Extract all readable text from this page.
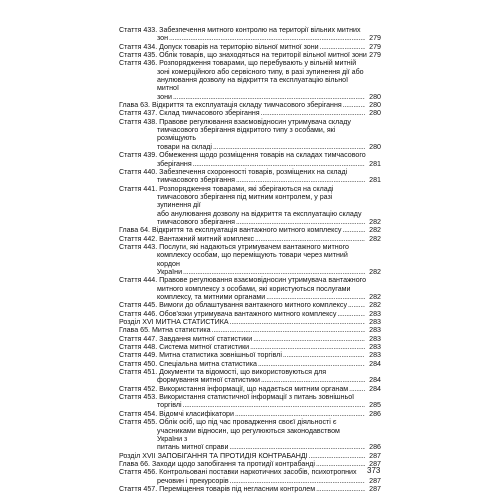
Стаття 433. Забезпечення митного контролю на території вільних митних
зон .....	279
Стаття 434. Допуск товарів на територію вільної митної зони .....	279
Стаття 435. Облік товарів, що знаходяться на території вільної митної зони 279
Стаття 436. Розпорядження товарами, що перебувають у вільній митній
зоні комерційного або сервісного типу, в разі зупинення дії або
анулювання дозволу на відкриття та експлуатацію вільної митної
зони .....	280
Глава 63. Відкриття та експлуатація складу тимчасового зберігання .....	280
Стаття 437. Склад тимчасового зберігання .....	280
Стаття 438. Правове регулювання взаємовідносин утримувача складу
тимчасового зберігання відкритого типу з особами, які розміщують
товари на складі .....	280
Стаття 439. Обмеження щодо розміщення товарів на складах тимчасового
зберігання .....	281
Стаття 440. Забезпечення схоронності товарів, розміщених на складі
тимчасового зберігання .....	281
Стаття 441. Розпорядження товарами, які зберігаються на складі
тимчасового зберігання під митним контролем, у разі зупинення дії
або анулювання дозволу на відкриття та експлуатацію складу
тимчасового зберігання .....	282
Глава 64. Відкриття та експлуатація вантажного митного комплексу .....	282
Стаття 442. Вантажний митний комплекс .....	282
Стаття 443. Послуги, які надаються утримувачем вантажного митного
комплексу особам, що переміщують товари через митний кордон
України .....	282
Стаття 444. Правове регулювання взаємовідносин утримувача вантажного
митного комплексу з особами, які користуються послугами
комплексу, та митними органами .....	282
Стаття 445. Вимоги до облаштування вантажного митного комплексу .....	282
Стаття 446. Обов'язки утримувача вантажного митного комплексу .....	283
Розділ XVI МИТНА СТАТИСТИКА .....	283
Глава 65. Митна статистика .....	283
Стаття 447. Завдання митної статистики .....	283
Стаття 448. Система митної статистики .....	283
Стаття 449. Митна статистика зовнішньої торгівлі .....	283
Стаття 450. Спеціальна митна статистика .....	284
Стаття 451. Документи та відомості, що використовуються для
формування митної статистики .....	284
Стаття 452. Використання інформації, що надається митним органам .....	284
Стаття 453. Використання статистичної інформації з питань зовнішньої
торгівлі .....	285
Стаття 454. Відомчі класифікатори .....	286
Стаття 455. Облік осіб, що під час провадження своєї діяльності є
учасниками відносин, що регулюються законодавством України з
питань митної справи .....	286
Розділ XVII ЗАПОБІГАННЯ ТА ПРОТИДІЯ КОНТРАБАНДІ .....	287
Глава 66. Заходи щодо запобігання та протидії контрабанді .....	287
Стаття 456. Контрольовані поставки наркотичних засобів, психотропних
речовин і прекурсорів .....	287
Стаття 457. Переміщення товарів під негласним контролем .....	287
373
